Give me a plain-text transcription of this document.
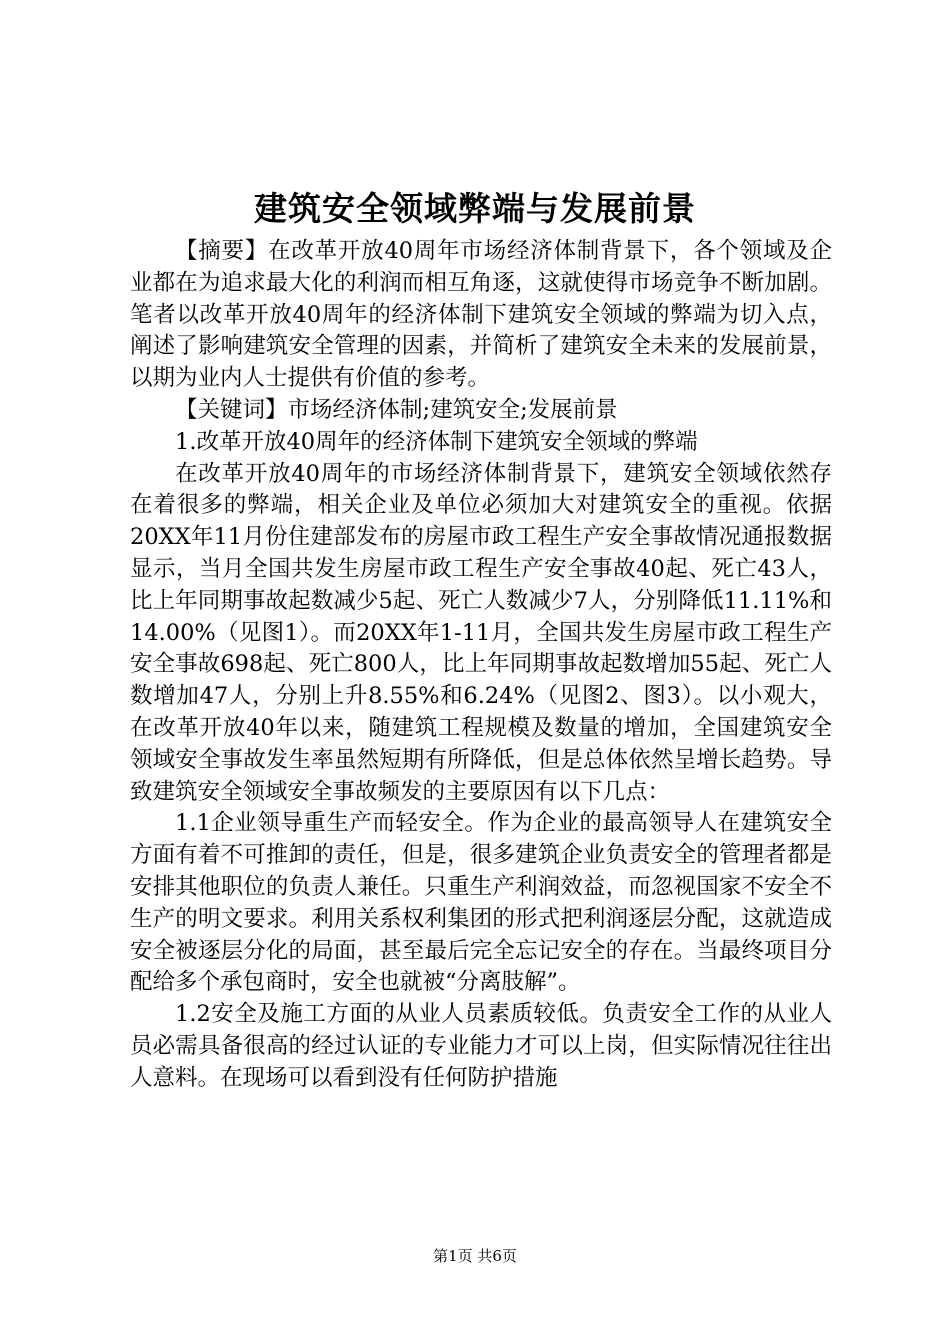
建筑安全领域弊端与发展前景

【摘要】在改革开放40周年市场经济体制背景下，各个领域及企业都在为追求最大化的利润而相互角逐，这就使得市场竞争不断加剧。笔者以改革开放40周年的经济体制下建筑安全领域的弊端为切入点，阐述了影响建筑安全管理的因素，并简析了建筑安全未来的发展前景，以期为业内人士提供有价值的参考。

【关键词】市场经济体制;建筑安全;发展前景

1.改革开放40周年的经济体制下建筑安全领域的弊端

在改革开放40周年的市场经济体制背景下，建筑安全领域依然存在着很多的弊端，相关企业及单位必须加大对建筑安全的重视。依据20XX年11月份住建部发布的房屋市政工程生产安全事故情况通报数据显示，当月全国共发生房屋市政工程生产安全事故40起、死亡43人，比上年同期事故起数减少5起、死亡人数减少7人，分别降低11.11%和14.00%（见图1）。而20XX年1-11月，全国共发生房屋市政工程生产安全事故698起、死亡800人，比上年同期事故起数增加55起、死亡人数增加47人，分别上升8.55%和6.24%（见图2、图3）。以小观大，在改革开放40年以来，随建筑工程规模及数量的增加，全国建筑安全领域安全事故发生率虽然短期有所降低，但是总体依然呈增长趋势。导致建筑安全领域安全事故频发的主要原因有以下几点：

1.1企业领导重生产而轻安全。作为企业的最高领导人在建筑安全方面有着不可推卸的责任，但是，很多建筑企业负责安全的管理者都是安排其他职位的负责人兼任。只重生产利润效益，而忽视国家不安全不生产的明文要求。利用关系权利集团的形式把利润逐层分配，这就造成安全被逐层分化的局面，甚至最后完全忘记安全的存在。当最终项目分配给多个承包商时，安全也就被“分离肢解”。

1.2安全及施工方面的从业人员素质较低。负责安全工作的从业人员必需具备很高的经过认证的专业能力才可以上岗，但实际情况往往出人意料。在现场可以看到没有任何防护措施

第1页 共6页
